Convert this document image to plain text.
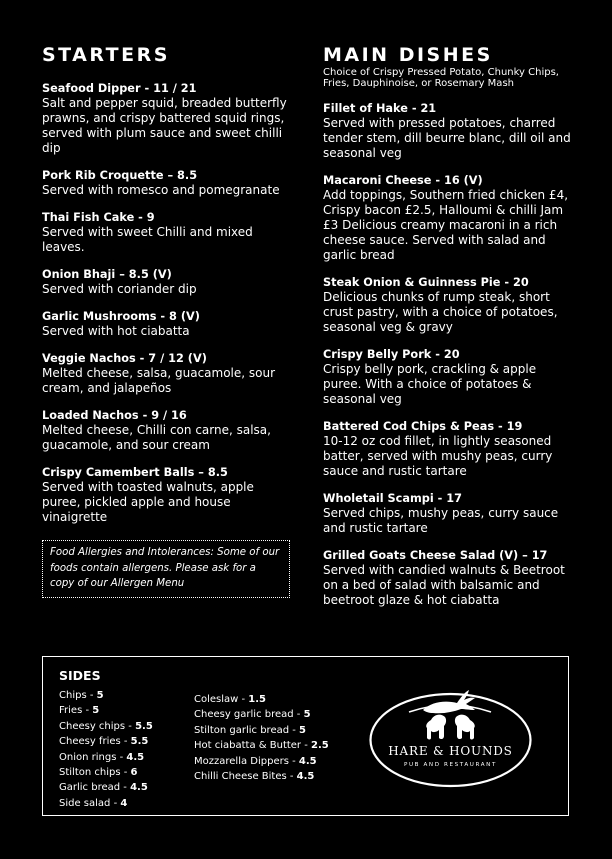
STARTERS
Seafood Dipper - 11 / 21
Salt and pepper squid, breaded butterfly prawns, and crispy battered squid rings, served with plum sauce and sweet chilli dip
Pork Rib Croquette – 8.5
Served with romesco and pomegranate
Thai Fish Cake - 9
Served with sweet Chilli and mixed leaves.
Onion Bhaji – 8.5 (V)
Served with coriander dip
Garlic Mushrooms - 8 (V)
Served with hot ciabatta
Veggie Nachos - 7 / 12 (V)
Melted cheese, salsa, guacamole, sour cream, and jalapeños
Loaded Nachos - 9 / 16
Melted cheese, Chilli con carne, salsa, guacamole, and sour cream
Crispy Camembert Balls – 8.5
Served with toasted walnuts, apple puree, pickled apple and house vinaigrette
Food Allergies and Intolerances: Some of our foods contain allergens. Please ask for a copy of our Allergen Menu
MAIN DISHES
Choice of Crispy Pressed Potato, Chunky Chips, Fries, Dauphinoise, or Rosemary Mash
Fillet of Hake - 21
Served with pressed potatoes, charred tender stem, dill beurre blanc, dill oil and seasonal veg
Macaroni Cheese - 16 (V)
Add toppings, Southern fried chicken £4, Crispy bacon £2.5, Halloumi & chilli Jam £3 Delicious creamy macaroni in a rich cheese sauce. Served with salad and garlic bread
Steak Onion & Guinness Pie - 20
Delicious chunks of rump steak, short crust pastry, with a choice of potatoes, seasonal veg & gravy
Crispy Belly Pork - 20
Crispy belly pork, crackling & apple puree. With a choice of potatoes & seasonal veg
Battered Cod Chips & Peas - 19
10-12 oz cod fillet, in lightly seasoned batter, served with mushy peas, curry sauce and rustic tartare
Wholetail Scampi - 17
Served chips, mushy peas, curry sauce and rustic tartare
Grilled Goats Cheese Salad (V) – 17
Served with candied walnuts & Beetroot on a bed of salad with balsamic and beetroot glaze & hot ciabatta
SIDES
Chips - 5
Fries - 5
Cheesy chips - 5.5
Cheesy fries - 5.5
Onion rings - 4.5
Stilton chips - 6
Garlic bread - 4.5
Side salad - 4
Coleslaw - 1.5
Cheesy garlic bread - 5
Stilton garlic bread - 5
Hot ciabatta & Butter - 2.5
Mozzarella Dippers - 4.5
Chilli Cheese Bites - 4.5
HARE & HOUNDS
PUB AND RESTAURANT
